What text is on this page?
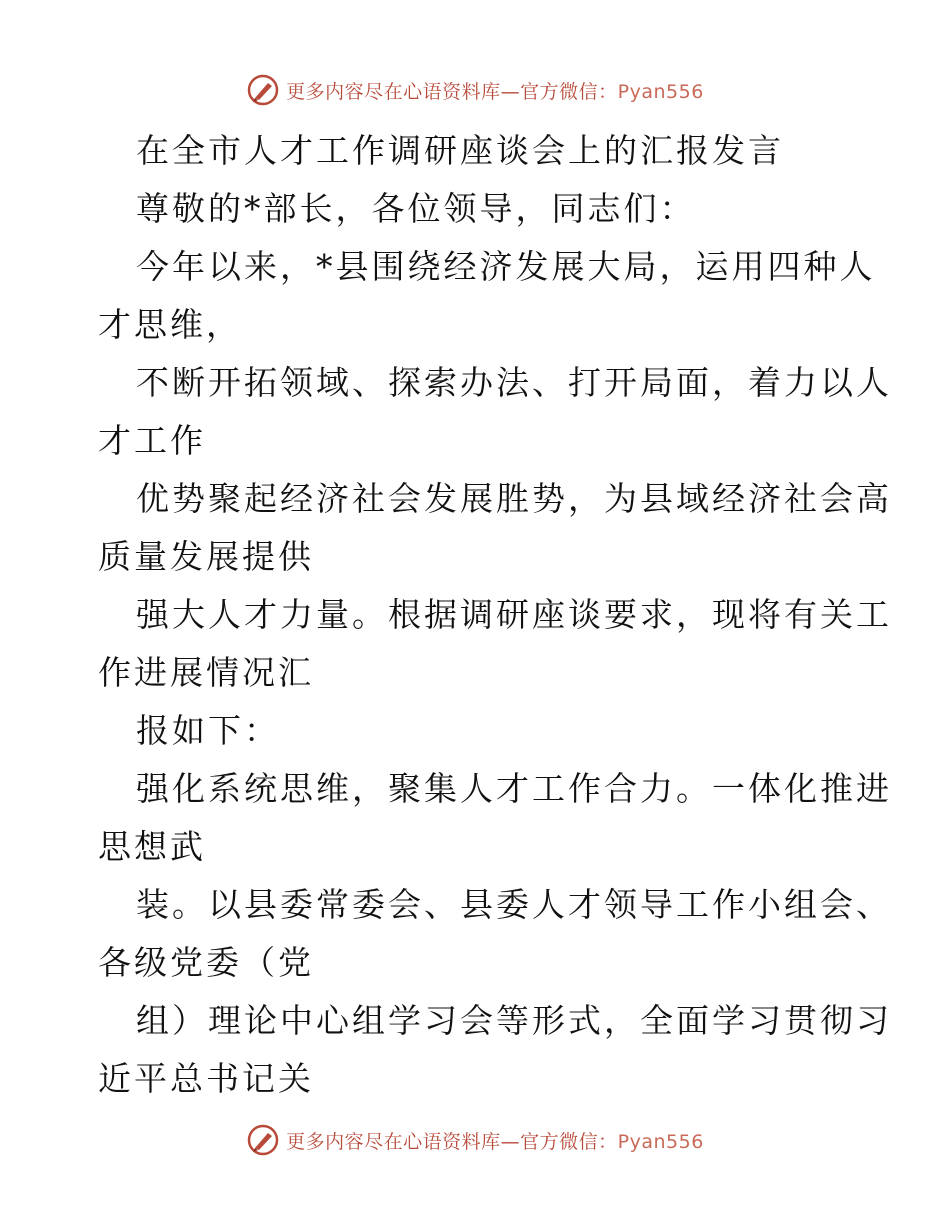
更多内容尽在心语资料库—官方微信：Pyan556
在全市人才工作调研座谈会上的汇报发言
尊敬的*部长，各位领导，同志们：
今年以来，*县围绕经济发展大局，运用四种人
才思维，
不断开拓领域、探索办法、打开局面，着力以人
才工作
优势聚起经济社会发展胜势，为县域经济社会高
质量发展提供
强大人才力量。根据调研座谈要求，现将有关工
作进展情况汇
报如下：
强化系统思维，聚集人才工作合力。一体化推进
思想武
装。以县委常委会、县委人才领导工作小组会、
各级党委（党
组）理论中心组学习会等形式，全面学习贯彻习
近平总书记关
更多内容尽在心语资料库—官方微信：Pyan556
